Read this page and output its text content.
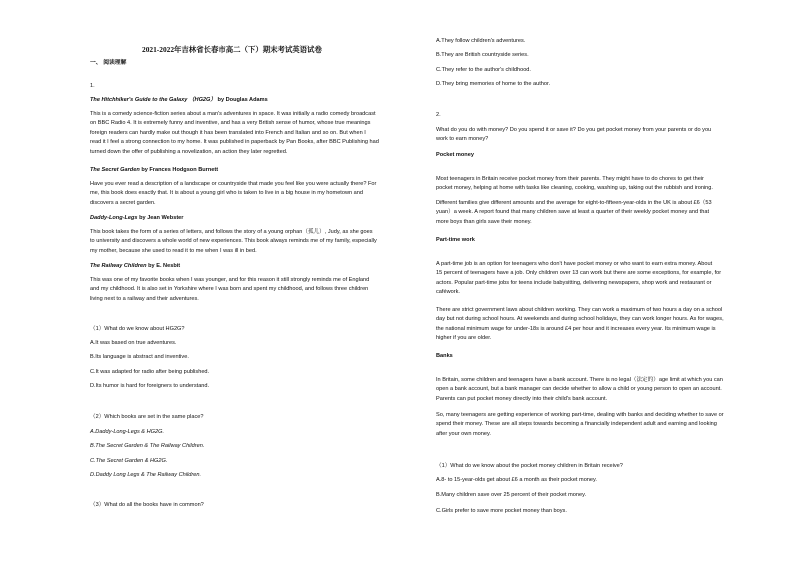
2021-2022年吉林省长春市高二（下）期末考试英语试卷

一、 阅读理解

1.

The Hitchhiker's Guide to the Galaxy （HG2G） by Douglas Adams

This is a comedy science-fiction series about a man's adventures in space. It was initially a radio comedy broadcast

on BBC Radio 4. It is extremely funny and inventive, and has a very British sense of humor, whose true meanings

foreign readers can hardly make out though it has been translated into French and Italian and so on. But when I

read it I feel a strong connection to my home. It was published in paperback by Pan Books, after BBC Publishing had

turned down the offer of publishing a novelization, an action they later regretted.

The Secret Garden by Frances Hodgson Burnett

Have you ever read a description of a landscape or countryside that made you feel like you were actually there? For

me, this book does exactly that. It is about a young girl who is taken to live in a big house in my hometown and

discovers a secret garden.

Daddy-Long-Legs by Jean Webster

This book takes the form of a series of letters, and follows the story of a young orphan（孤儿）, Judy, as she goes

to university and discovers a whole world of new experiences. This book always reminds me of my family, especially

my mother, because she used to read it to me when I was ill in bed.

The Railway Children by E. Nesbit

This was one of my favorite books when I was younger, and for this reason it still strongly reminds me of England

and my childhood. It is also set in Yorkshire where I was born and spent my childhood, and follows three children

living next to a railway and their adventures.

（1）What do we know about HG2G?

A.It was based on true adventures.

B.Its language is abstract and inventive.

C.It was adapted for radio after being published.

D.Its humor is hard for foreigners to understand.

（2）Which books are set in the same place?

A.Daddy-Long-Legs & HG2G.

B.The Secret Garden & The Railway Children.

C.The Secret Garden & HG2G.

D.Daddy Long Legs & The Railway Children.

（3）What do all the books have in common?

A.They follow children's adventures.

B.They are British countryside series.

C.They refer to the author's childhood.

D.They bring memories of home to the author.

2.

What do you do with money? Do you spend it or save it? Do you get pocket money from your parents or do you

work to earn money?

Pocket money

Most teenagers in Britain receive pocket money from their parents. They might have to do chores to get their

pocket money, helping at home with tasks like cleaning, cooking, washing up, taking out the rubbish and ironing.

Different families give different amounts and the average for eight-to-fifteen-year-olds in the UK is about £6（53

yuan）a week. A report found that many children save at least a quarter of their weekly pocket money and that

more boys than girls save their money.

Part-time work

A part-time job is an option for teenagers who don't have pocket money or who want to earn extra money. About

15 percent of teenagers have a job. Only children over 13 can work but there are some exceptions, for example, for

actors. Popular part-time jobs for teens include babysitting, delivering newspapers, shop work and restaurant or

caféwork.

There are strict government laws about children working. They can work a maximum of two hours a day on a school

day but not during school hours. At weekends and during school holidays, they can work longer hours. As for wages,

the national minimum wage for under-18s is around £4 per hour and it increases every year. Its minimum wage is

higher if you are older.

Banks

In Britain, some children and teenagers have a bank account. There is no legal（法定的）age limit at which you can

open a bank account, but a bank manager can decide whether to allow a child or young person to open an account.

Parents can put pocket money directly into their child's bank account.

So, many teenagers are getting experience of working part-time, dealing with banks and deciding whether to save or

spend their money. These are all steps towards becoming a financially independent adult and earning and looking

after your own money.

（1）What do we know about the pocket money children in Britain receive?

A.8- to 15-year-olds get about £6 a month as their pocket money.

B.Many children save over 25 percent of their pocket money.

C.Girls prefer to save more pocket money than boys.
